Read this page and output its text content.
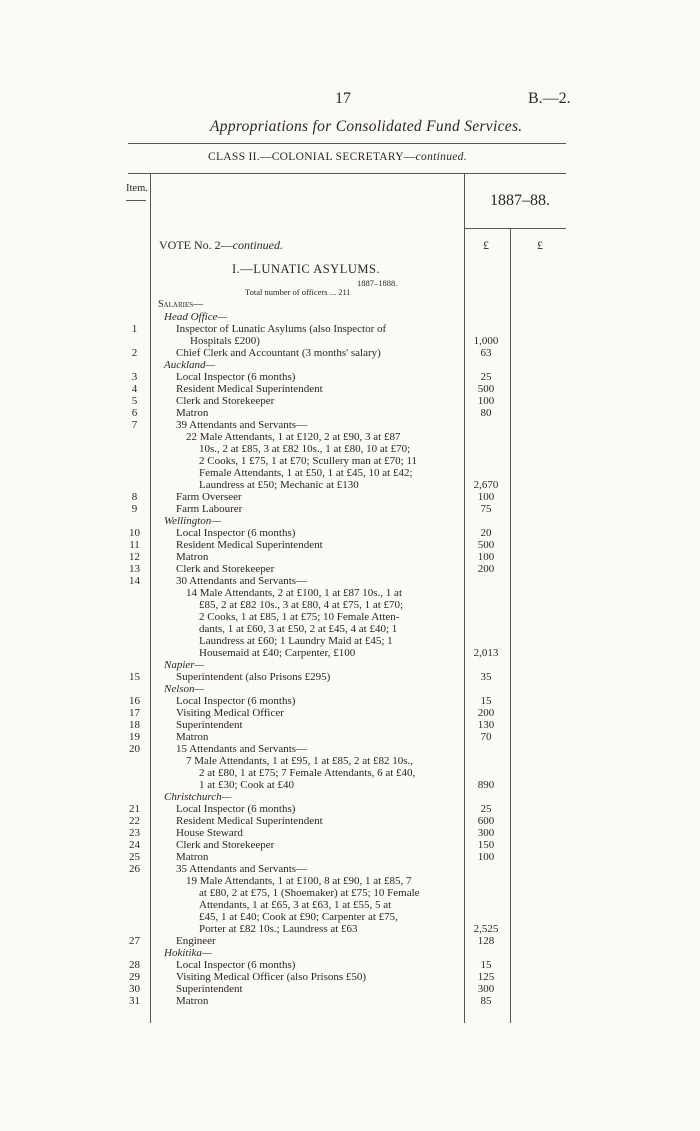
17	B.—2.
Appropriations for Consolidated Fund Services.
CLASS II.—COLONIAL SECRETARY—continued.
Item.
1887–88.
VOTE No. 2—continued.	£	£
I.—LUNATIC ASYLUMS.
1887–1888.
Total number of officers ... 211
Salaries—
Head Office—
1	Inspector of Lunatic Asylums (also Inspector of
Hospitals £200)	1,000
2	Chief Clerk and Accountant (3 months' salary)	63
Auckland—
3	Local Inspector (6 months)	25
4	Resident Medical Superintendent	500
5	Clerk and Storekeeper	100
6	Matron	80
7	39 Attendants and Servants—
22 Male Attendants, 1 at £120, 2 at £90, 3 at £87
10s., 2 at £85, 3 at £82 10s., 1 at £80, 10 at £70;
2 Cooks, 1 £75, 1 at £70; Scullery man at £70; 11
Female Attendants, 1 at £50, 1 at £45, 10 at £42;
Laundress at £50; Mechanic at £130	2,670
8	Farm Overseer	100
9	Farm Labourer	75
Wellington—
10	Local Inspector (6 months)	20
11	Resident Medical Superintendent	500
12	Matron	100
13	Clerk and Storekeeper	200
14	30 Attendants and Servants—
14 Male Attendants, 2 at £100, 1 at £87 10s., 1 at
£85, 2 at £82 10s., 3 at £80, 4 at £75, 1 at £70;
2 Cooks, 1 at £85, 1 at £75; 10 Female Atten-
dants, 1 at £60, 3 at £50, 2 at £45, 4 at £40; 1
Laundress at £60; 1 Laundry Maid at £45; 1
Housemaid at £40; Carpenter, £100	2,013
Napier—
15	Superintendent (also Prisons £295)	35
Nelson—
16	Local Inspector (6 months)	15
17	Visiting Medical Officer	200
18	Superintendent	130
19	Matron	70
20	15 Attendants and Servants—
7 Male Attendants, 1 at £95, 1 at £85, 2 at £82 10s.,
2 at £80, 1 at £75; 7 Female Attendants, 6 at £40,
1 at £30; Cook at £40	890
Christchurch—
21	Local Inspector (6 months)	25
22	Resident Medical Superintendent	600
23	House Steward	300
24	Clerk and Storekeeper	150
25	Matron	100
26	35 Attendants and Servants—
19 Male Attendants, 1 at £100, 8 at £90, 1 at £85, 7
at £80, 2 at £75, 1 (Shoemaker) at £75; 10 Female
Attendants, 1 at £65, 3 at £63, 1 at £55, 5 at
£45, 1 at £40; Cook at £90; Carpenter at £75,
Porter at £82 10s.; Laundress at £63	2,525
27	Engineer	128
Hokitika—
28	Local Inspector (6 months)	15
29	Visiting Medical Officer (also Prisons £50)	125
30	Superintendent	300
31	Matron	85
